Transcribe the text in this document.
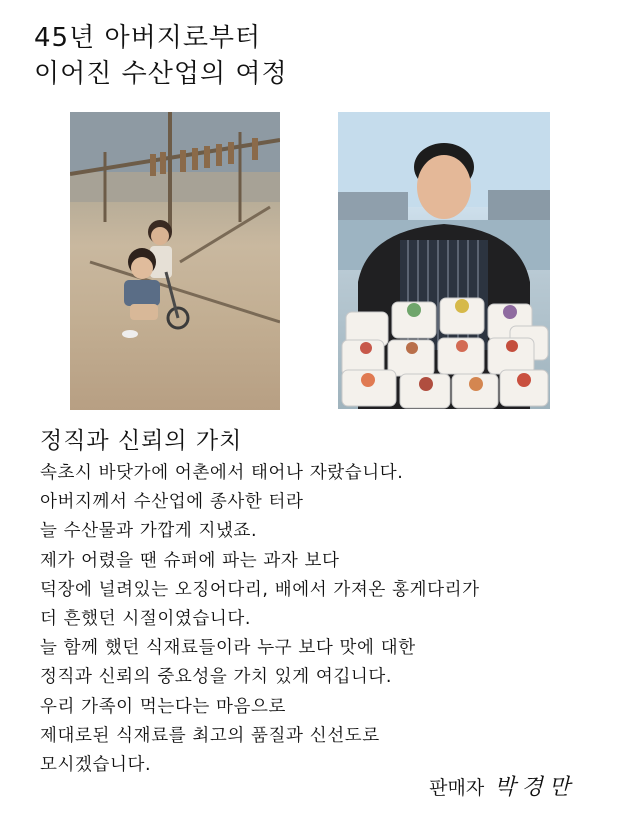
45년 아버지로부터
이어진 수산업의 여정
정직과 신뢰의 가치
속초시 바닷가에 어촌에서 태어나 자랐습니다.
아버지께서 수산업에 종사한 터라
늘 수산물과 가깝게 지냈죠.
제가 어렸을 땐 슈퍼에 파는 과자 보다
덕장에 널려있는 오징어다리, 배에서 가져온 홍게다리가
더 흔했던 시절이였습니다.
늘 함께 했던 식재료들이라 누구 보다 맛에 대한
정직과 신뢰의 중요성을 가치 있게 여깁니다.
우리 가족이 먹는다는 마음으로
제대로된 식재료를 최고의 품질과 신선도로
모시겠습니다.
판매자 박경만
